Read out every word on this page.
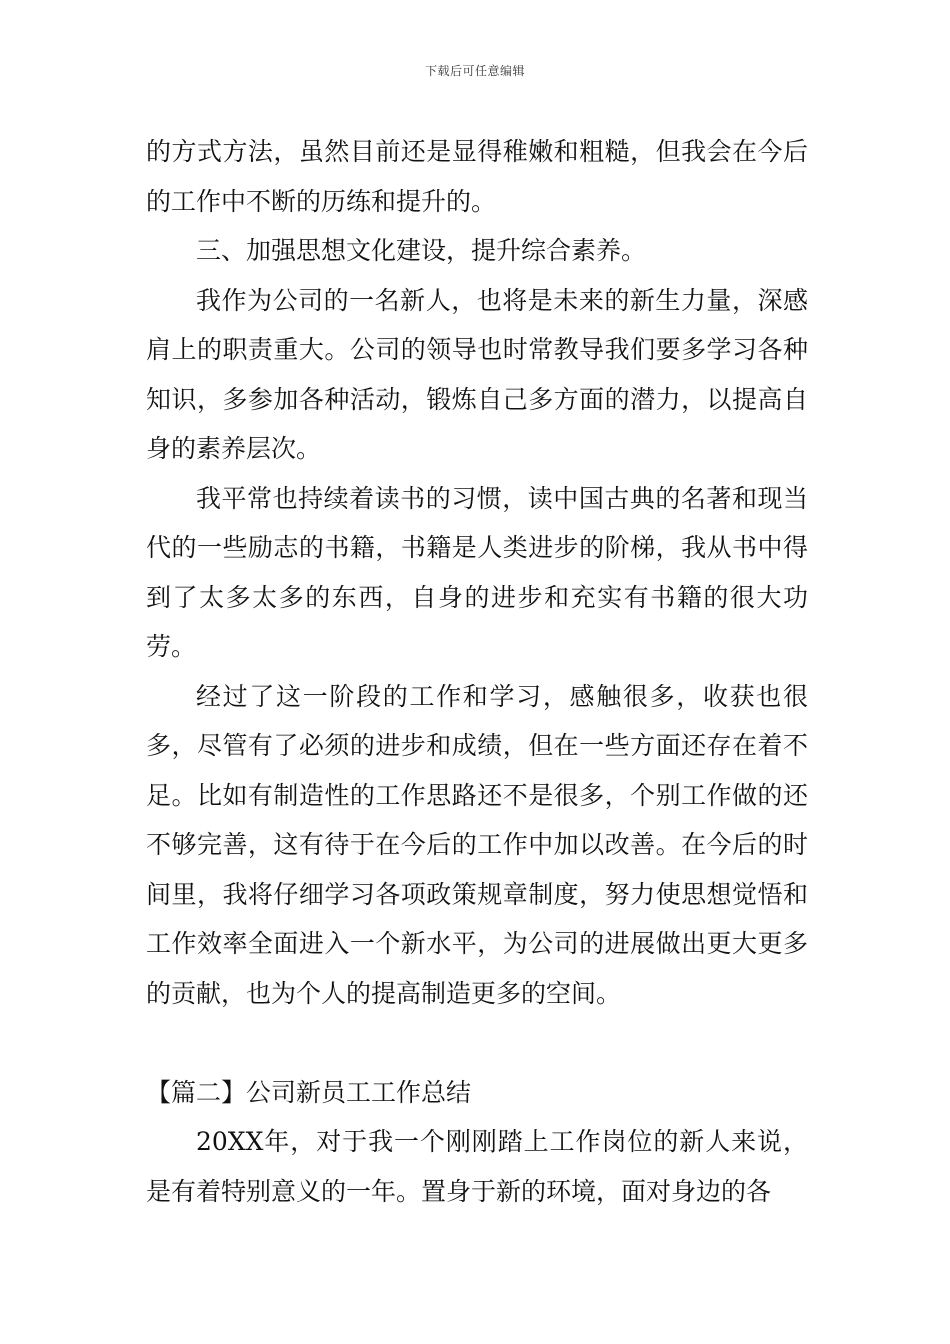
下载后可任意编辑

的方式方法，虽然目前还是显得稚嫩和粗糙，但我会在今后的工作中不断的历练和提升的。

三、加强思想文化建设，提升综合素养。

我作为公司的一名新人，也将是未来的新生力量，深感肩上的职责重大。公司的领导也时常教导我们要多学习各种知识，多参加各种活动，锻炼自己多方面的潜力，以提高自身的素养层次。

我平常也持续着读书的习惯，读中国古典的名著和现当代的一些励志的书籍，书籍是人类进步的阶梯，我从书中得到了太多太多的东西，自身的进步和充实有书籍的很大功劳。

经过了这一阶段的工作和学习，感触很多，收获也很多，尽管有了必须的进步和成绩，但在一些方面还存在着不足。比如有制造性的工作思路还不是很多，个别工作做的还不够完善，这有待于在今后的工作中加以改善。在今后的时间里，我将仔细学习各项政策规章制度，努力使思想觉悟和工作效率全面进入一个新水平，为公司的进展做出更大更多的贡献，也为个人的提高制造更多的空间。

【篇二】公司新员工工作总结

20XX年，对于我一个刚刚踏上工作岗位的新人来说，是有着特别意义的一年。置身于新的环境，面对身边的各
